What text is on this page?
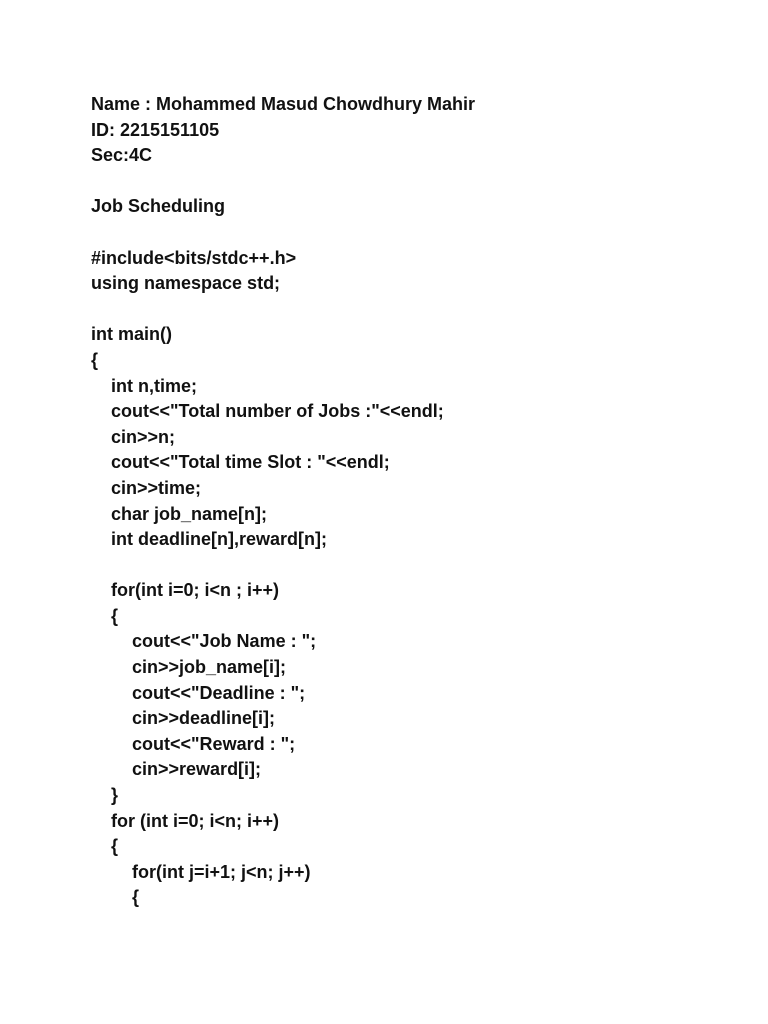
Name : Mohammed Masud Chowdhury Mahir
ID: 2215151105
Sec:4C
Job Scheduling
#include<bits/stdc++.h>
using namespace std;
int main()
{
int n,time;
cout<<"Total number of Jobs :"<<endl;
cin>>n;
cout<<"Total time Slot : "<<endl;
cin>>time;
char job_name[n];
int deadline[n],reward[n];
for(int i=0; i<n ; i++)
{
cout<<"Job Name : ";
cin>>job_name[i];
cout<<"Deadline : ";
cin>>deadline[i];
cout<<"Reward : ";
cin>>reward[i];
}
for (int i=0; i<n; i++)
{
for(int j=i+1; j<n; j++)
{
